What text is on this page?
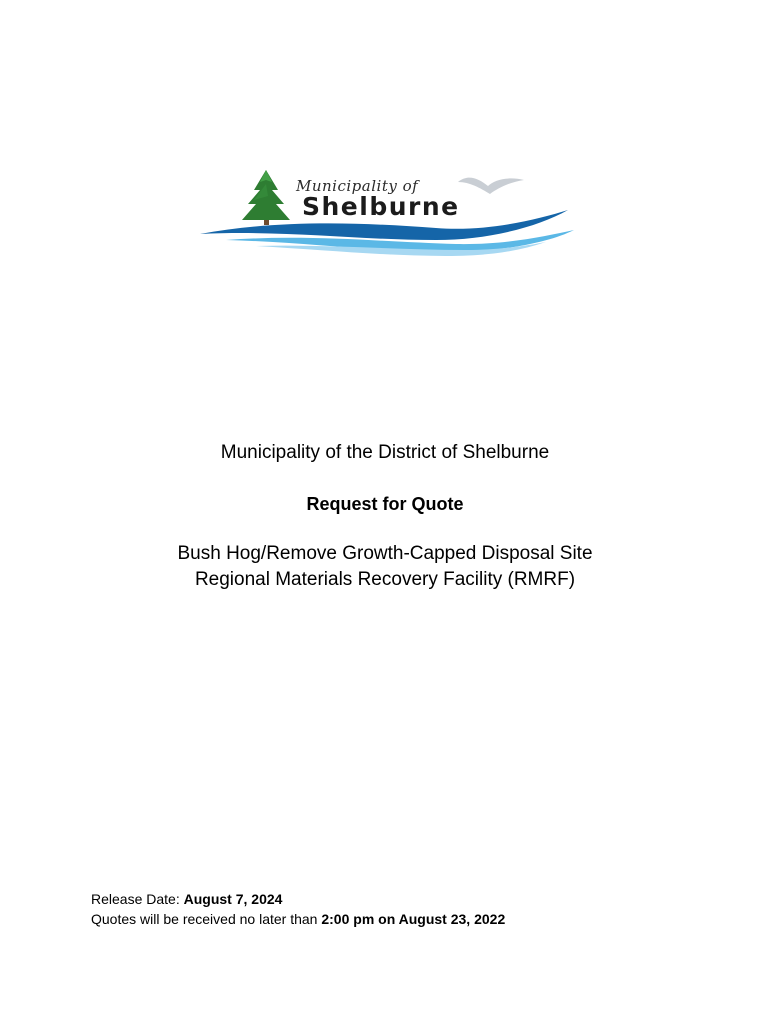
Municipality of
Shelburne
Municipality of the District of Shelburne
Request for Quote
Bush Hog/Remove Growth-Capped Disposal Site
Regional Materials Recovery Facility (RMRF)
Release Date: August 7, 2024
Quotes will be received no later than 2:00 pm on August 23, 2022
